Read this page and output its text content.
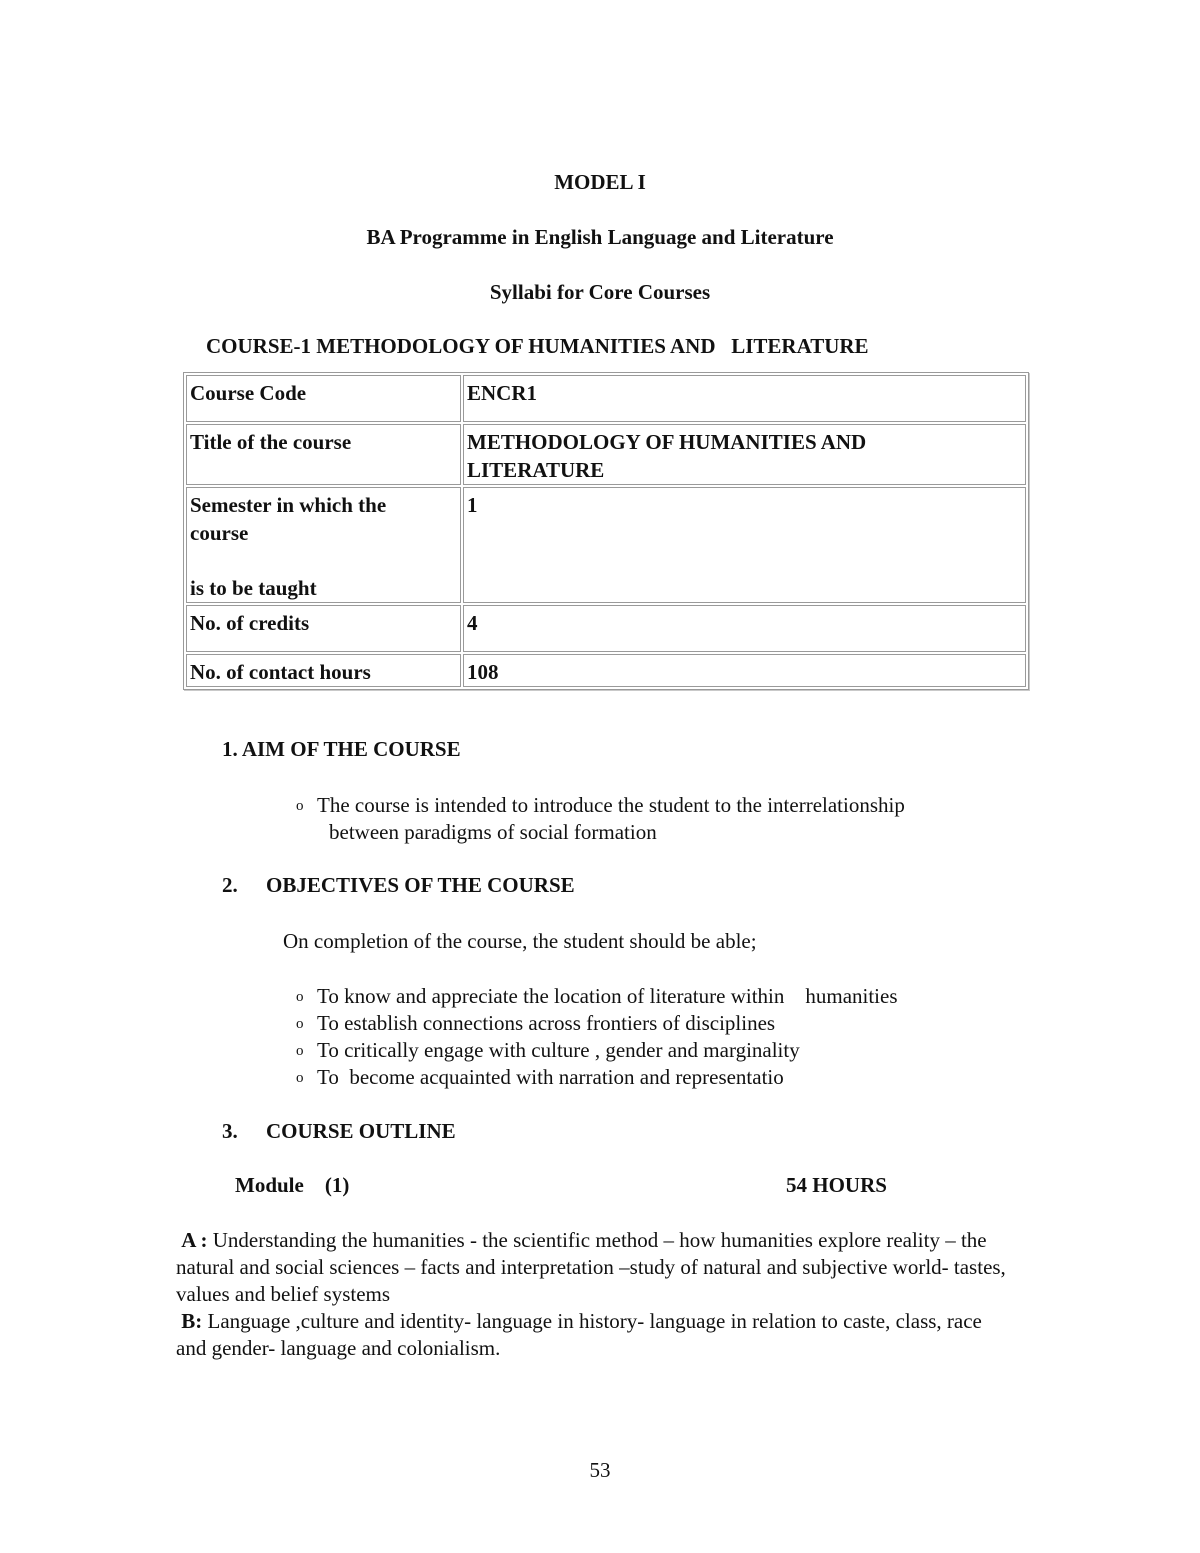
MODEL I
BA Programme in English Language and Literature
Syllabi for Core Courses
COURSE-1 METHODOLOGY OF HUMANITIES AND   LITERATURE
Course Code	ENCR1
Title of the course	METHODOLOGY OF HUMANITIES AND
LITERATURE

Semester in which the
course
is to be taught	1
No. of credits	4
No. of contact hours	108
1. AIM OF THE COURSE
o The course is intended to introduce the student to the interrelationship
between paradigms of social formation
2. OBJECTIVES OF THE COURSE
On completion of the course, the student should be able;
o To know and appreciate the location of literature within    humanities
o To establish connections across frontiers of disciplines
o To critically engage with culture , gender and marginality
o To  become acquainted with narration and representatio
3. COURSE OUTLINE
Module    (1)	54 HOURS
A : Understanding the humanities - the scientific method – how humanities explore reality – the natural and social sciences – facts and interpretation –study of natural and subjective world- tastes, values and belief systems
B: Language ,culture and identity- language in history- language in relation to caste, class, race and gender- language and colonialism.
53
